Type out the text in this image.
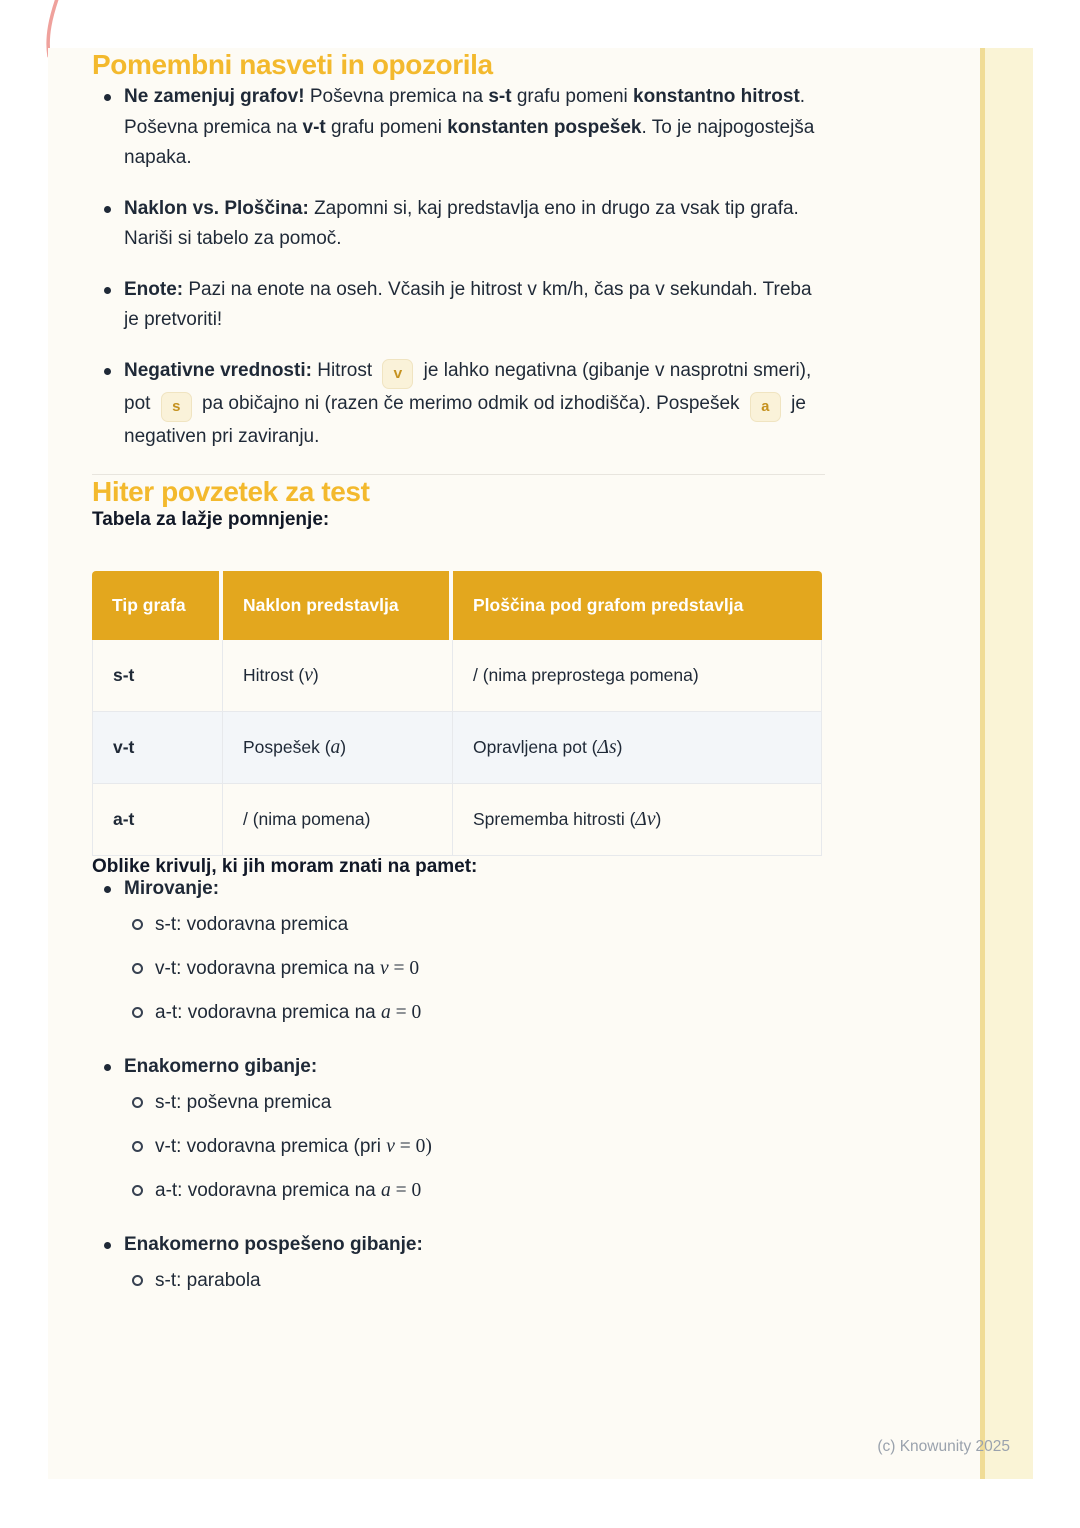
Pomembni nasveti in opozorila
Ne zamenjuj grafov! Poševna premica na s-t grafu pomeni konstantno hitrost. Poševna premica na v-t grafu pomeni konstanten pospešek. To je najpogostejša napaka.
Naklon vs. Ploščina: Zapomni si, kaj predstavlja eno in drugo za vsak tip grafa. Nariši si tabelo za pomoč.
Enote: Pazi na enote na oseh. Včasih je hitrost v km/h, čas pa v sekundah. Treba je pretvoriti!
Negativne vrednosti: Hitrost v je lahko negativna (gibanje v nasprotni smeri), pot s pa običajno ni (razen če merimo odmik od izhodišča). Pospešek a je negativen pri zaviranju.
Hiter povzetek za test

Tabela za lažje pomnjenje:

Tip grafa	Naklon predstavlja	Ploščina pod grafom predstavlja
s-t	Hitrost (v)	/ (nima preprostega pomena)
v-t	Pospešek (a)	Opravljena pot (Δs)
a-t	/ (nima pomena)	Sprememba hitrosti (Δv)

Oblike krivulj, ki jih moram znati na pamet:

Mirovanje:
s-t: vodoravna premica
v-t: vodoravna premica na v = 0
a-t: vodoravna premica na a = 0
Enakomerno gibanje:
s-t: poševna premica
v-t: vodoravna premica (pri v = 0)
a-t: vodoravna premica na a = 0
Enakomerno pospešeno gibanje:
s-t: parabola
(c) Knowunity 2025
